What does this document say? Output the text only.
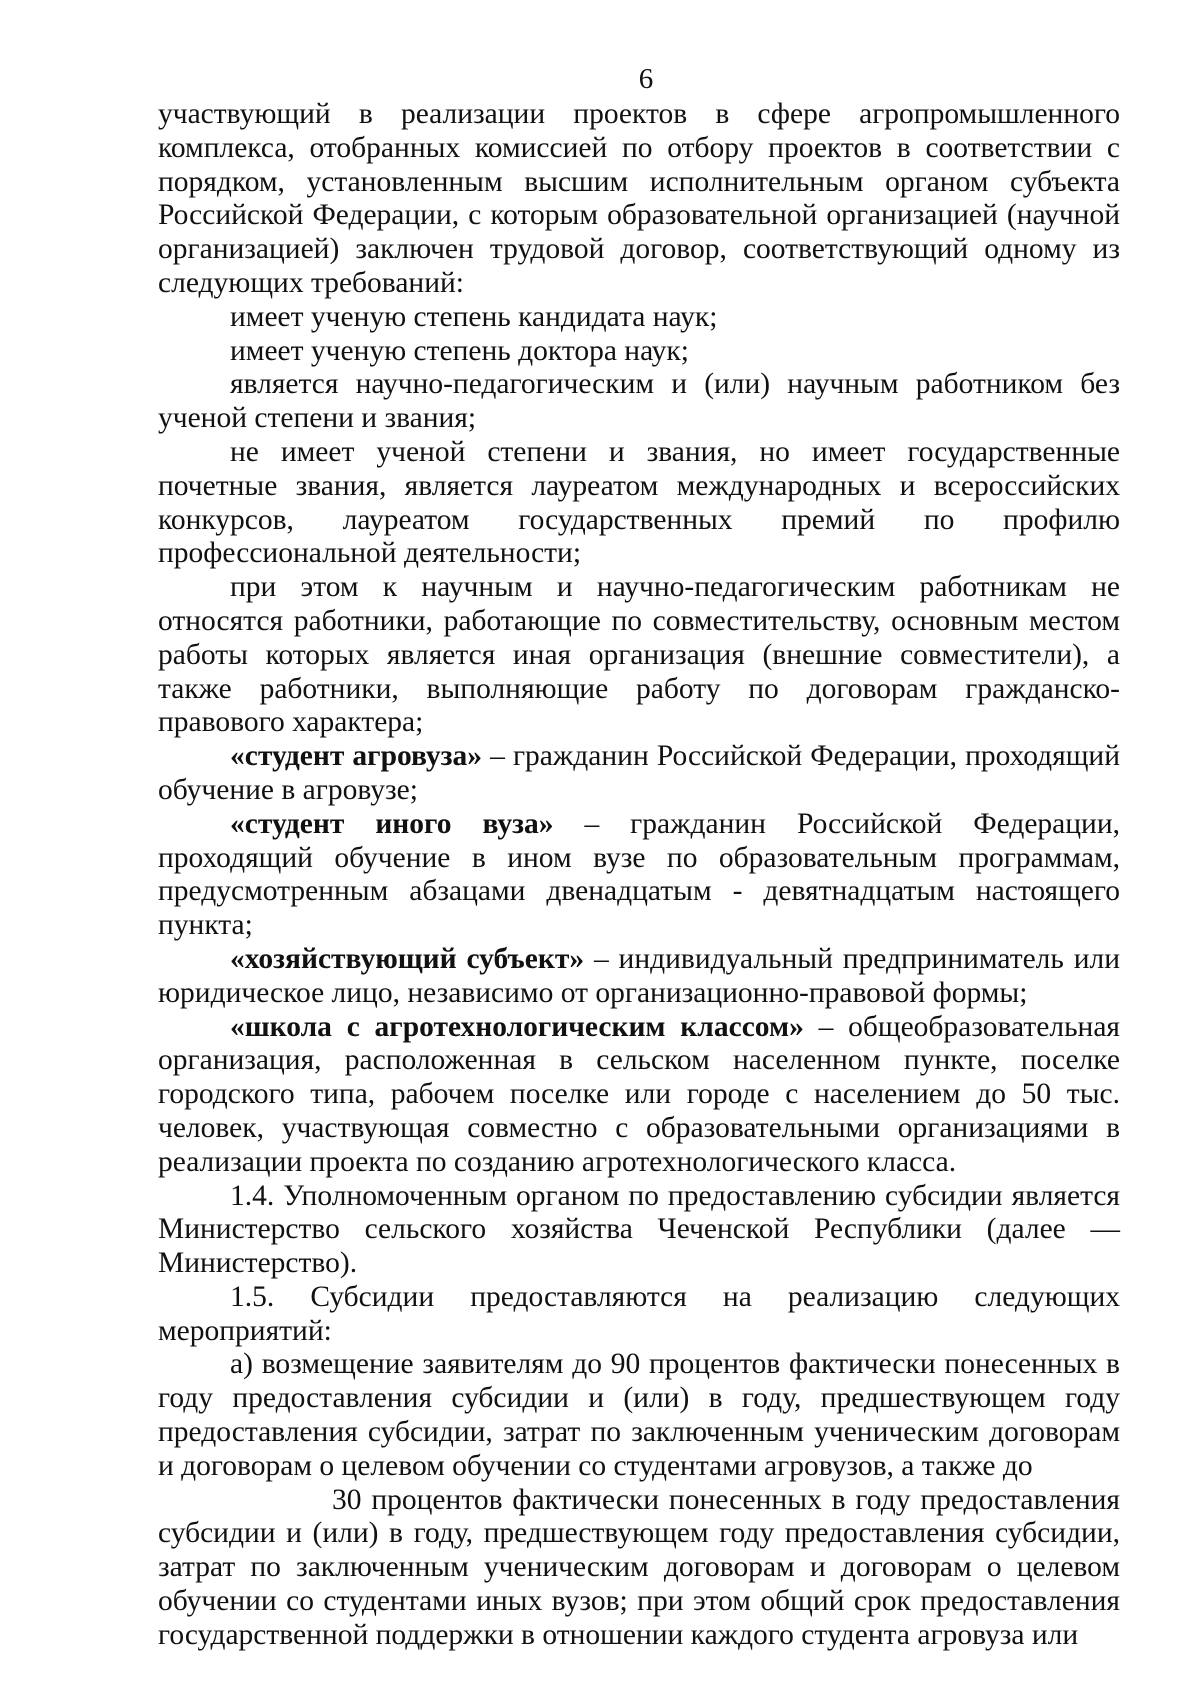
6

участвующий в реализации проектов в сфере агропромышленного комплекса, отобранных комиссией по отбору проектов в соответствии с порядком, установленным высшим исполнительным органом субъекта Российской Федерации, с которым образовательной организацией (научной организацией) заключен трудовой договор, соответствующий одному из следующих требований:

имеет ученую степень кандидата наук;

имеет ученую степень доктора наук;

является научно-педагогическим и (или) научным работником без ученой степени и звания;

не имеет ученой степени и звания, но имеет государственные почетные звания, является лауреатом международных и всероссийских конкурсов, лауреатом государственных премий по профилю профессиональной деятельности;

при этом к научным и научно-педагогическим работникам не относятся работники, работающие по совместительству, основным местом работы которых является иная организация (внешние совместители), а также работники, выполняющие работу по договорам гражданско-правового характера;

«студент агровуза» – гражданин Российской Федерации, проходящий обучение в агровузе;

«студент иного вуза» – гражданин Российской Федерации, проходящий обучение в ином вузе по образовательным программам, предусмотренным абзацами двенадцатым - девятнадцатым настоящего пункта;

«хозяйствующий субъект» – индивидуальный предприниматель или юридическое лицо, независимо от организационно-правовой формы;

«школа с агротехнологическим классом» – общеобразовательная организация, расположенная в сельском населенном пункте, поселке городского типа, рабочем поселке или городе с населением до 50 тыс. человек, участвующая совместно с образовательными организациями в реализации проекта по созданию агротехнологического класса.

1.4. Уполномоченным органом по предоставлению субсидии является Министерство сельского хозяйства Чеченской Республики (далее — Министерство).

1.5. Субсидии предоставляются на реализацию следующих мероприятий:

а) возмещение заявителям до 90 процентов фактически понесенных в году предоставления субсидии и (или) в году, предшествующем году предоставления субсидии, затрат по заключенным ученическим договорам и договорам о целевом обучении со студентами агровузов, а также до

30 процентов фактически понесенных в году предоставления субсидии и (или) в году, предшествующем году предоставления субсидии, затрат по заключенным ученическим договорам и договорам о целевом обучении со студентами иных вузов; при этом общий срок предоставления государственной поддержки в отношении каждого студента агровуза или
